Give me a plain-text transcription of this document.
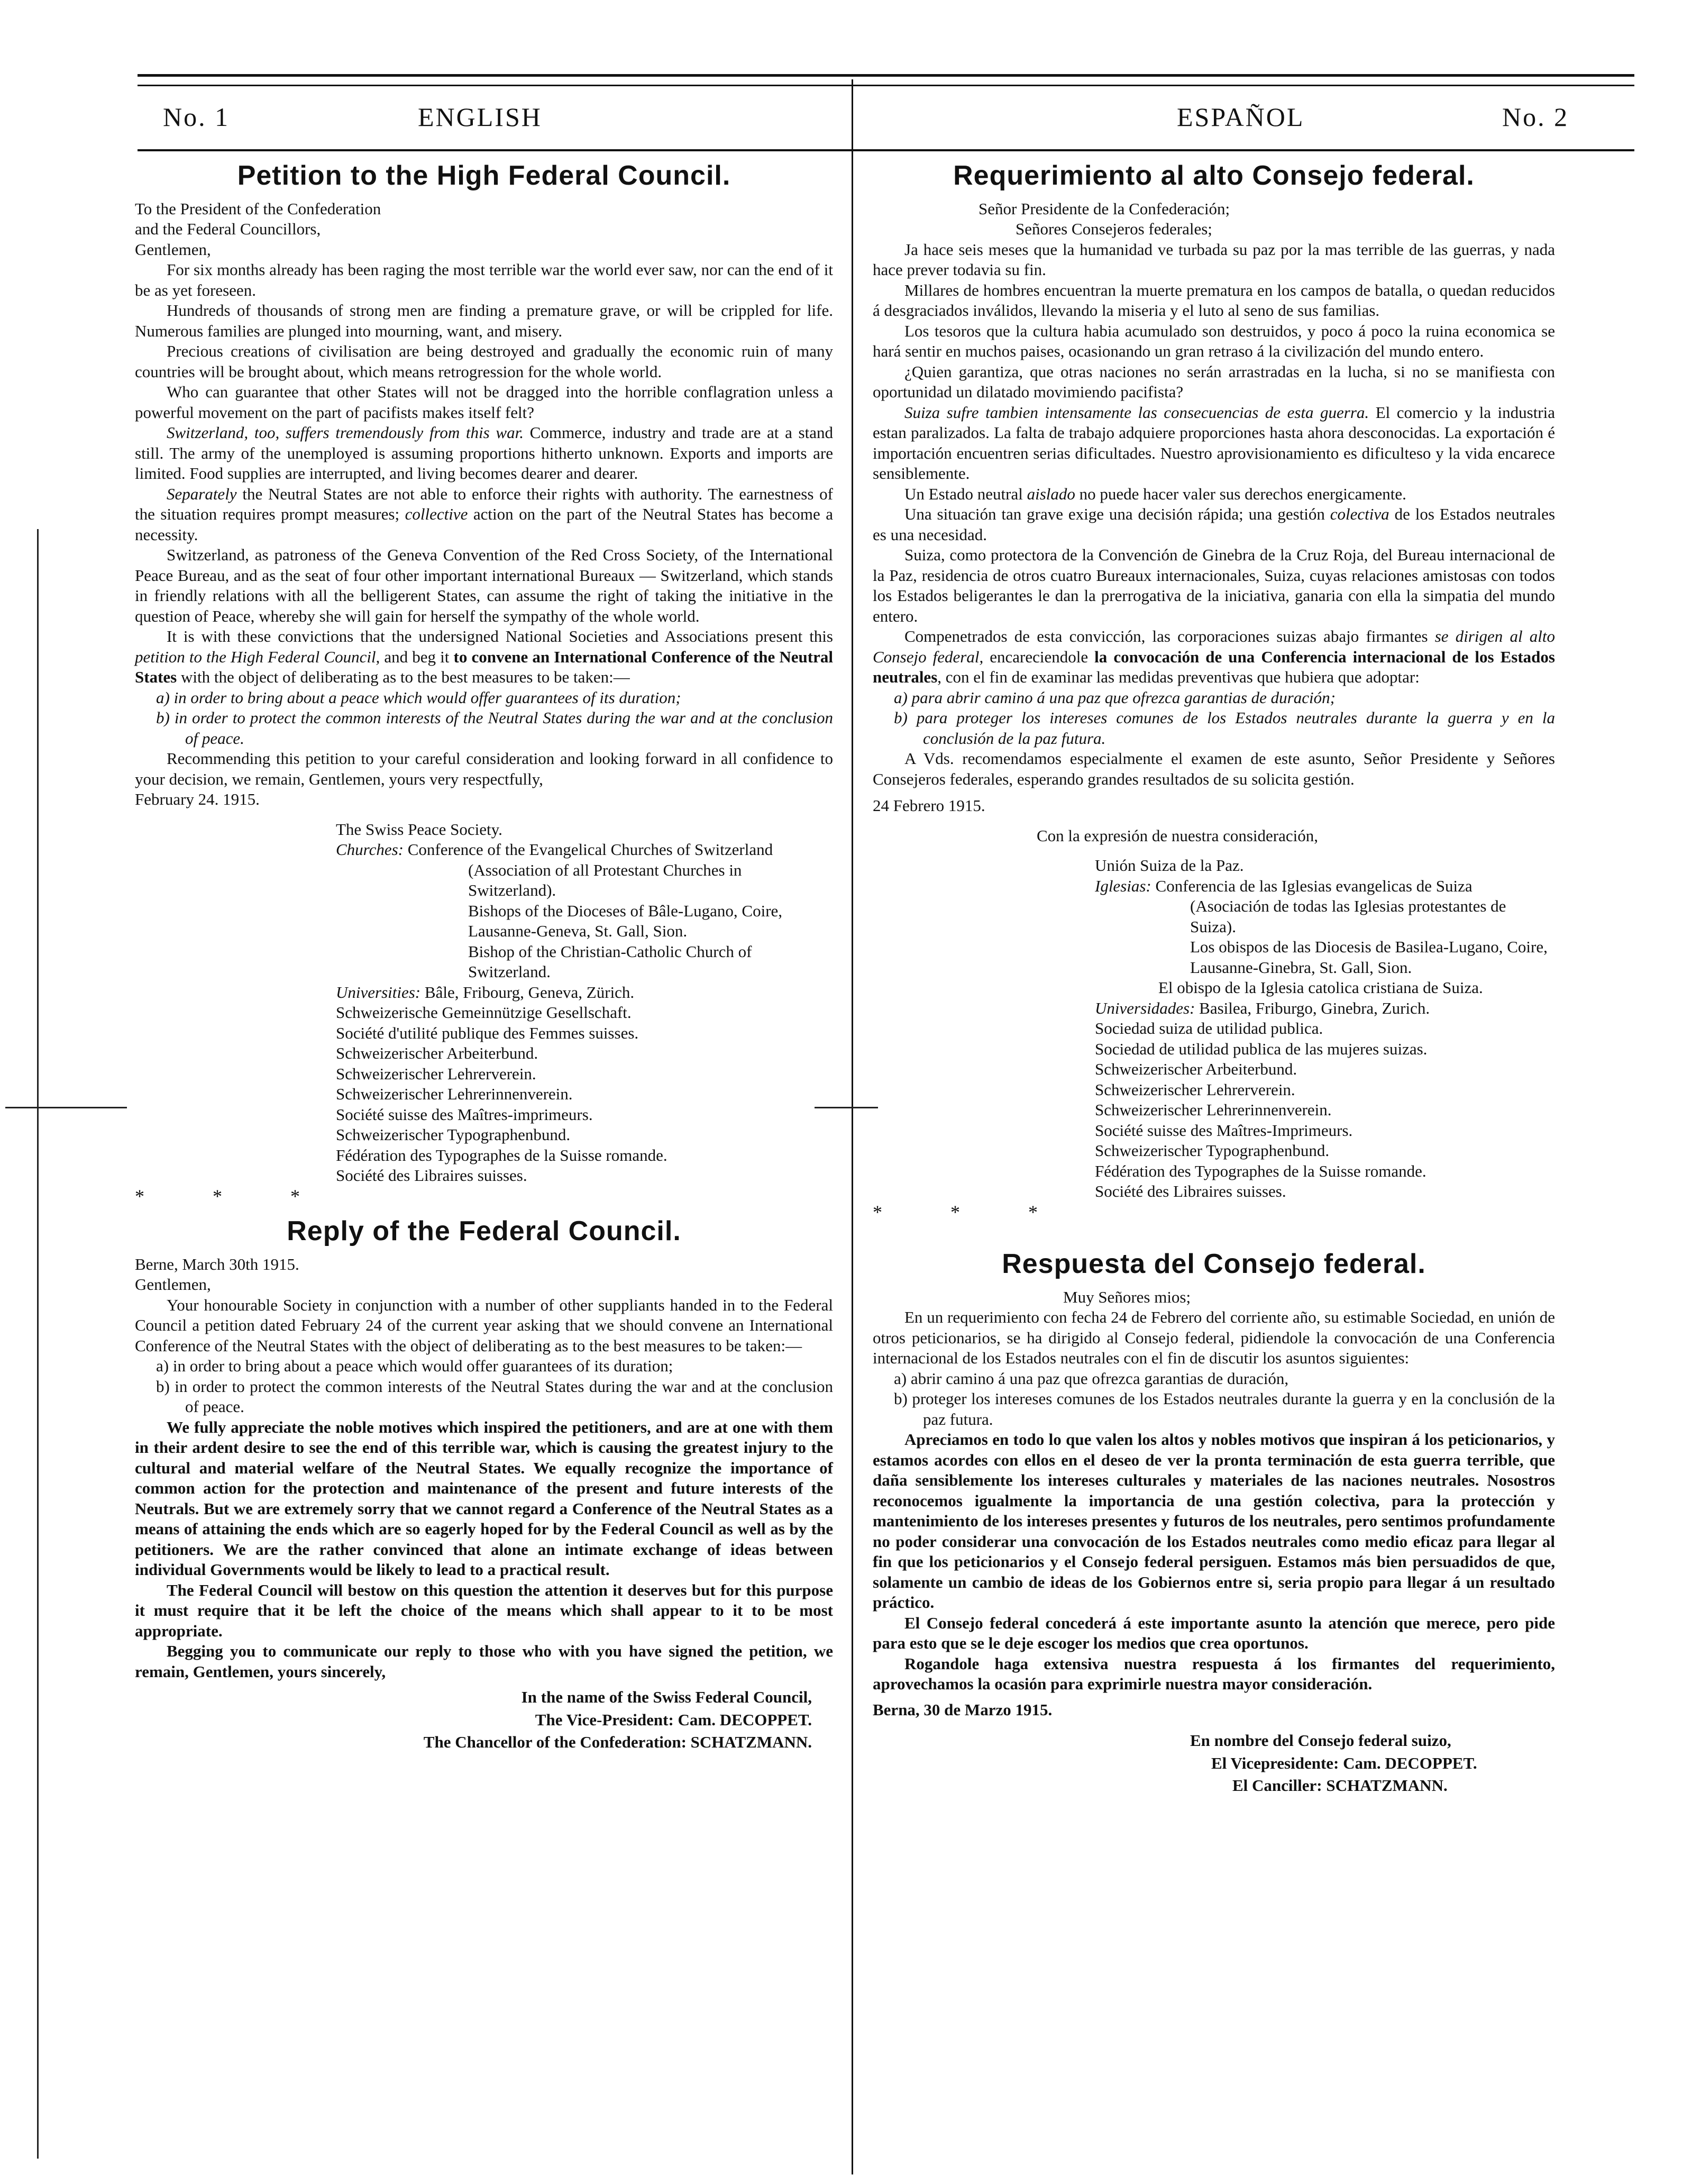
No. 1	ENGLISH	ESPAÑOL	No. 2
Petition to the High Federal Council.

To the President of the Confederation

and the Federal Councillors,

Gentlemen,

For six months already has been raging the most terrible war the world ever saw, nor can the end of it be as yet foreseen.

Hundreds of thousands of strong men are finding a premature grave, or will be crippled for life. Numerous families are plunged into mourning, want, and misery.

Precious creations of civilisation are being destroyed and gradually the economic ruin of many countries will be brought about, which means retrogression for the whole world.

Who can guarantee that other States will not be dragged into the horrible conflagration unless a powerful movement on the part of pacifists makes itself felt?

Switzerland, too, suffers tremendously from this war. Commerce, industry and trade are at a stand still. The army of the unemployed is assuming proportions hitherto unknown. Exports and imports are limited. Food supplies are interrupted, and living becomes dearer and dearer.

Separately the Neutral States are not able to enforce their rights with authority. The earnestness of the situation requires prompt measures; collective action on the part of the Neutral States has become a necessity.

Switzerland, as patroness of the Geneva Convention of the Red Cross Society, of the International Peace Bureau, and as the seat of four other important international Bureaux — Switzerland, which stands in friendly relations with all the belligerent States, can assume the right of taking the initiative in the question of Peace, whereby she will gain for herself the sympathy of the whole world.

It is with these convictions that the undersigned National Societies and Associations present this petition to the High Federal Council, and beg it to convene an International Conference of the Neutral States with the object of deliberating as to the best measures to be taken:—

a) in order to bring about a peace which would offer guarantees of its duration;

b) in order to protect the common interests of the Neutral States during the war and at the conclusion of peace.

Recommending this petition to your careful consideration and looking forward in all confidence to your decision, we remain, Gentlemen, yours very respectfully,

February 24. 1915.

The Swiss Peace Society.
Churches: Conference of the Evangelical Churches of Switzerland (Association of all Protestant Churches in Switzerland).
Bishops of the Dioceses of Bâle-Lugano, Coire, Lausanne-Geneva, St. Gall, Sion.
Bishop of the Christian-Catholic Church of Switzerland.
Universities: Bâle, Fribourg, Geneva, Zürich.
Schweizerische Gemeinnützige Gesellschaft.
Société d'utilité publique des Femmes suisses.
Schweizerischer Arbeiterbund.
Schweizerischer Lehrerverein.
Schweizerischer Lehrerinnenverein.
Société suisse des Maîtres-imprimeurs.
Schweizerischer Typographenbund.
Fédération des Typographes de la Suisse romande.
Société des Libraires suisses.

* * *

Reply of the Federal Council.

Berne, March 30th 1915.

Gentlemen,

Your honourable Society in conjunction with a number of other suppliants handed in to the Federal Council a petition dated February 24 of the current year asking that we should convene an International Conference of the Neutral States with the object of deliberating as to the best measures to be taken:—

a) in order to bring about a peace which would offer guarantees of its duration;

b) in order to protect the common interests of the Neutral States during the war and at the conclusion of peace.

We fully appreciate the noble motives which inspired the petitioners, and are at one with them in their ardent desire to see the end of this terrible war, which is causing the greatest injury to the cultural and material welfare of the Neutral States. We equally recognize the importance of common action for the protection and maintenance of the present and future interests of the Neutrals. But we are extremely sorry that we cannot regard a Conference of the Neutral States as a means of attaining the ends which are so eagerly hoped for by the Federal Council as well as by the petitioners. We are the rather convinced that alone an intimate exchange of ideas between individual Governments would be likely to lead to a practical result.

The Federal Council will bestow on this question the attention it deserves but for this purpose it must require that it be left the choice of the means which shall appear to it to be most appropriate.

Begging you to communicate our reply to those who with you have signed the petition, we remain, Gentlemen, yours sincerely,

In the name of the Swiss Federal Council,
The Vice-President: Cam. DECOPPET.
The Chancellor of the Confederation: SCHATZMANN.
Requerimiento al alto Consejo federal.

Señor Presidente de la Confederación;

Señores Consejeros federales;

Ja hace seis meses que la humanidad ve turbada su paz por la mas terrible de las guerras, y nada hace prever todavia su fin.

Millares de hombres encuentran la muerte prematura en los campos de batalla, o quedan reducidos á desgraciados inválidos, llevando la miseria y el luto al seno de sus familias.

Los tesoros que la cultura habia acumulado son destruidos, y poco á poco la ruina economica se hará sentir en muchos paises, ocasionando un gran retraso á la civilización del mundo entero.

¿Quien garantiza, que otras naciones no serán arrastradas en la lucha, si no se manifiesta con oportunidad un dilatado movimiendo pacifista?

Suiza sufre tambien intensamente las consecuencias de esta guerra. El comercio y la industria estan paralizados. La falta de trabajo adquiere proporciones hasta ahora desconocidas. La exportación é importación encuentren serias dificultades. Nuestro aprovisionamiento es dificulteso y la vida encarece sensiblemente.

Un Estado neutral aislado no puede hacer valer sus derechos energicamente.

Una situación tan grave exige una decisión rápida; una gestión colectiva de los Estados neutrales es una necesidad.

Suiza, como protectora de la Convención de Ginebra de la Cruz Roja, del Bureau internacional de la Paz, residencia de otros cuatro Bureaux internacionales, Suiza, cuyas relaciones amistosas con todos los Estados beligerantes le dan la prerrogativa de la iniciativa, ganaria con ella la simpatia del mundo entero.

Compenetrados de esta convicción, las corporaciones suizas abajo firmantes se dirigen al alto Consejo federal, encareciendole la convocación de una Conferencia internacional de los Estados neutrales, con el fin de examinar las medidas preventivas que hubiera que adoptar:

a) para abrir camino á una paz que ofrezca garantias de duración;

b) para proteger los intereses comunes de los Estados neutrales durante la guerra y en la conclusión de la paz futura.

A Vds. recomendamos especialmente el examen de este asunto, Señor Presidente y Señores Consejeros federales, esperando grandes resultados de su solicita gestión.

24 Febrero 1915.

Con la expresión de nuestra consideración,

Unión Suiza de la Paz.
Iglesias: Conferencia de las Iglesias evangelicas de Suiza (Asociación de todas las Iglesias protestantes de Suiza).
Los obispos de las Diocesis de Basilea-Lugano, Coire, Lausanne-Ginebra, St. Gall, Sion.
El obispo de la Iglesia catolica cristiana de Suiza.
Universidades: Basilea, Friburgo, Ginebra, Zurich.
Sociedad suiza de utilidad publica.
Sociedad de utilidad publica de las mujeres suizas.
Schweizerischer Arbeiterbund.
Schweizerischer Lehrerverein.
Schweizerischer Lehrerinnenverein.
Société suisse des Maîtres-Imprimeurs.
Schweizerischer Typographenbund.
Fédération des Typographes de la Suisse romande.
Société des Libraires suisses.

* * *

Respuesta del Consejo federal.

Muy Señores mios;

En un requerimiento con fecha 24 de Febrero del corriente año, su estimable Sociedad, en unión de otros peticionarios, se ha dirigido al Consejo federal, pidiendole la convocación de una Conferencia internacional de los Estados neutrales con el fin de discutir los asuntos siguientes:

a) abrir camino á una paz que ofrezca garantias de duración,

b) proteger los intereses comunes de los Estados neutrales durante la guerra y en la conclusión de la paz futura.

Apreciamos en todo lo que valen los altos y nobles motivos que inspiran á los peticionarios, y estamos acordes con ellos en el deseo de ver la pronta terminación de esta guerra terrible, que daña sensiblemente los intereses culturales y materiales de las naciones neutrales. Nosostros reconocemos igualmente la importancia de una gestión colectiva, para la protección y mantenimiento de los intereses presentes y futuros de los neutrales, pero sentimos profundamente no poder considerar una convocación de los Estados neutrales como medio eficaz para llegar al fin que los peticionarios y el Consejo federal persiguen. Estamos más bien persuadidos de que, solamente un cambio de ideas de los Gobiernos entre si, seria propio para llegar á un resultado práctico.

El Consejo federal concederá á este importante asunto la atención que merece, pero pide para esto que se le deje escoger los medios que crea oportunos.

Rogandole haga extensiva nuestra respuesta á los firmantes del requerimiento, aprovechamos la ocasión para exprimirle nuestra mayor consideración.

Berna, 30 de Marzo 1915.

En nombre del Consejo federal suizo,
El Vicepresidente: Cam. DECOPPET.
El Canciller: SCHATZMANN.
